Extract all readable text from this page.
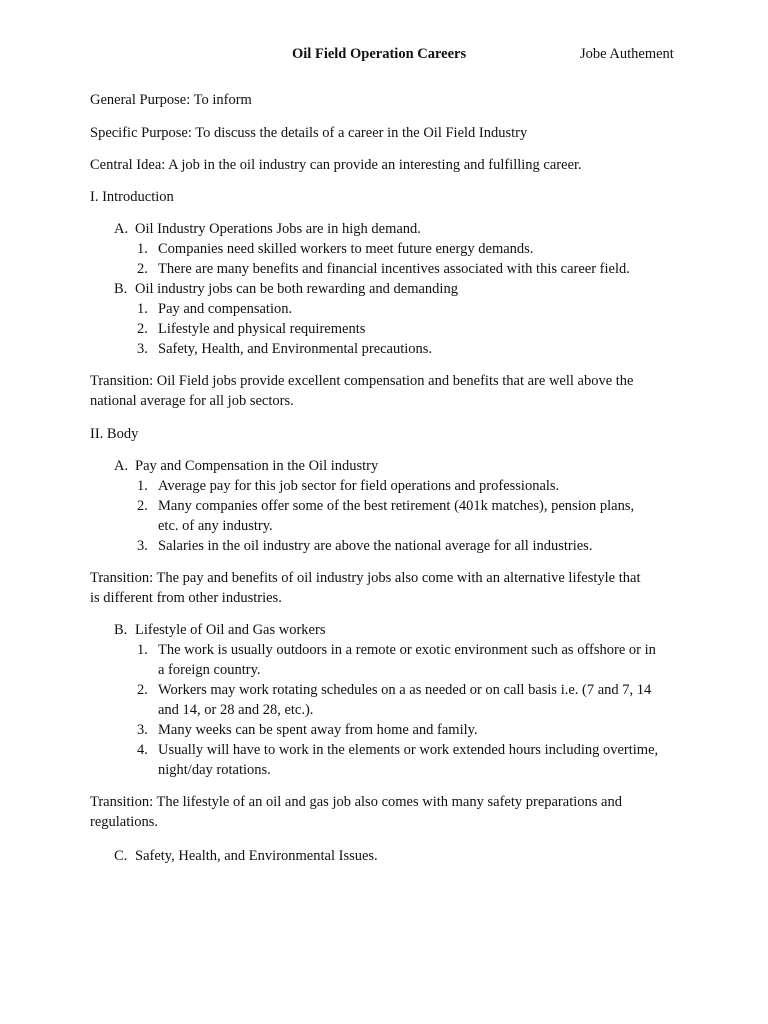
Oil Field Operation Careers	Jobe Authement
General Purpose: To inform
Specific Purpose: To discuss the details of a career in the Oil Field Industry
Central Idea: A job in the oil industry can provide an interesting and fulfilling career.
I. Introduction
A. Oil Industry Operations Jobs are in high demand.
1. Companies need skilled workers to meet future energy demands.
2. There are many benefits and financial incentives associated with this career field.
B. Oil industry jobs can be both rewarding and demanding
1. Pay and compensation.
2. Lifestyle and physical requirements
3. Safety, Health, and Environmental precautions.
Transition: Oil Field jobs provide excellent compensation and benefits that are well above the
national average for all job sectors.
II. Body
A. Pay and Compensation in the Oil industry
1. Average pay for this job sector for field operations and professionals.
2. Many companies offer some of the best retirement (401k matches), pension plans,
etc. of any industry.
3. Salaries in the oil industry are above the national average for all industries.
Transition: The pay and benefits of oil industry jobs also come with an alternative lifestyle that
is different from other industries.
B. Lifestyle of Oil and Gas workers
1. The work is usually outdoors in a remote or exotic environment such as offshore or in
a foreign country.
2. Workers may work rotating schedules on a as needed or on call basis i.e. (7 and 7, 14
and 14, or 28 and 28, etc.).
3. Many weeks can be spent away from home and family.
4. Usually will have to work in the elements or work extended hours including overtime,
night/day rotations.
Transition: The lifestyle of an oil and gas job also comes with many safety preparations and
regulations.
C. Safety, Health, and Environmental Issues.
